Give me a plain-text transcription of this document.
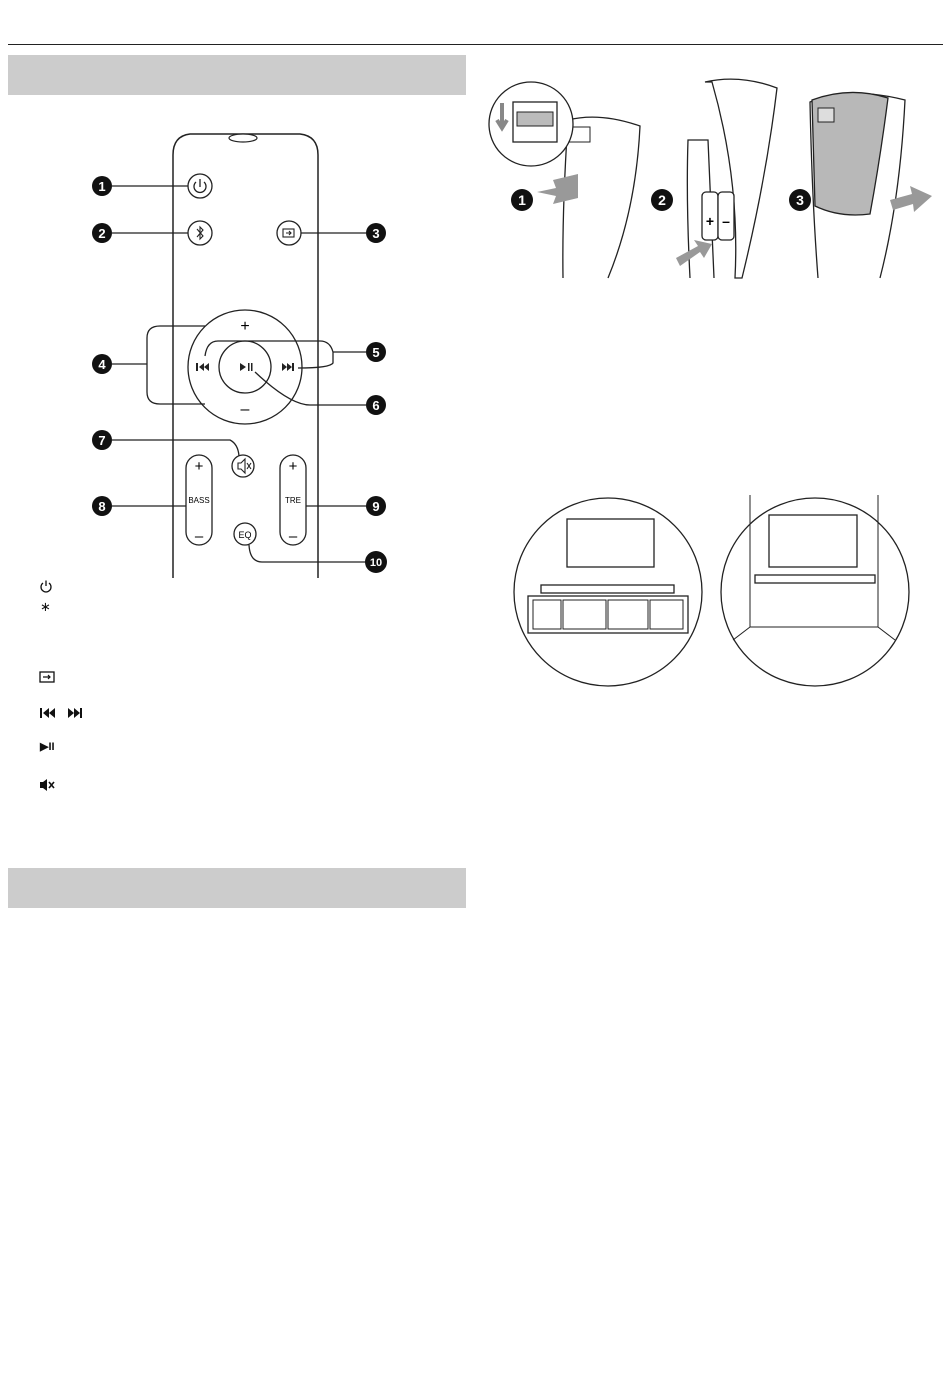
+
–
+
BASS
–
+
TRE
–
EQ
1
2	3
4
5
6
7
8	9
10
∗
▶II
1
+ –
2	3
